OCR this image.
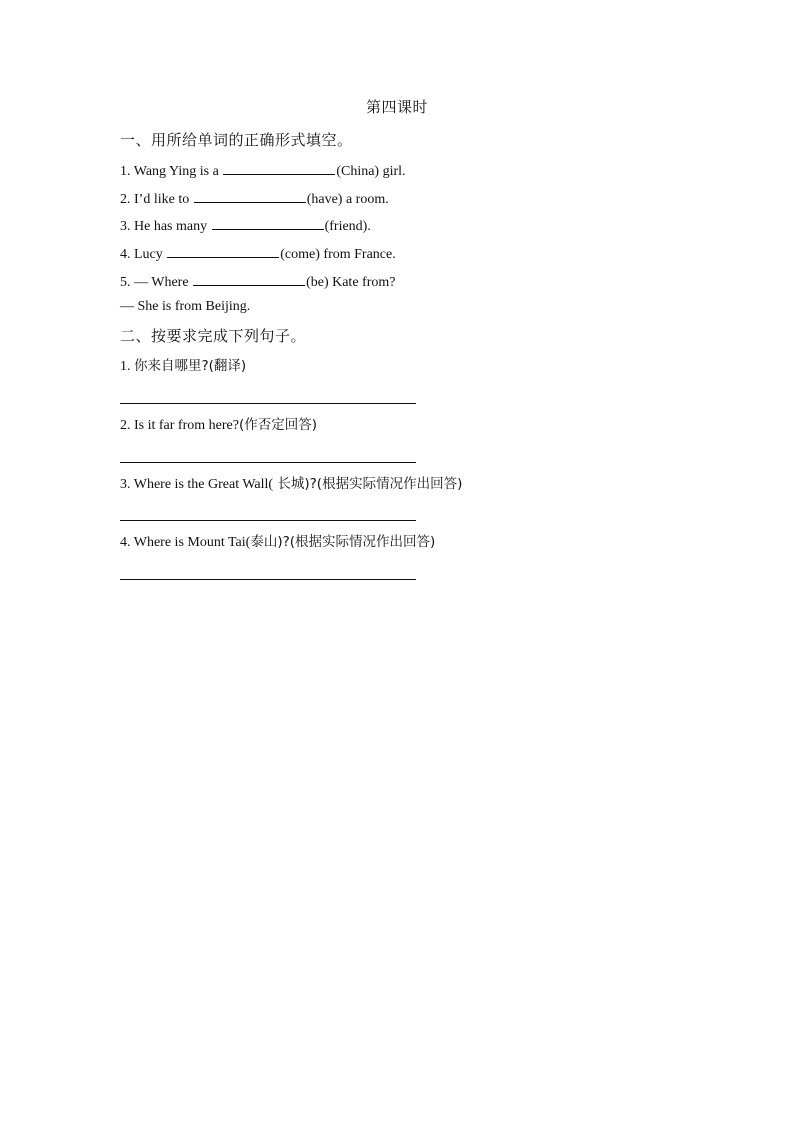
第四课时
一、用所给单词的正确形式填空。
1. Wang Ying is a	(China) girl.
2. I’d like to	(have) a room.
3. He has many	(friend).
4. Lucy	(come) from France.
5. — Where	(be) Kate from?
— She is from Beijing.
二、按要求完成下列句子。
1. 你来自哪里?(翻译)
2. Is it far from here?(作否定回答)
3. Where is the Great Wall( 长城)?(根据实际情况作出回答)
4. Where is Mount Tai(泰山)?(根据实际情况作出回答)
